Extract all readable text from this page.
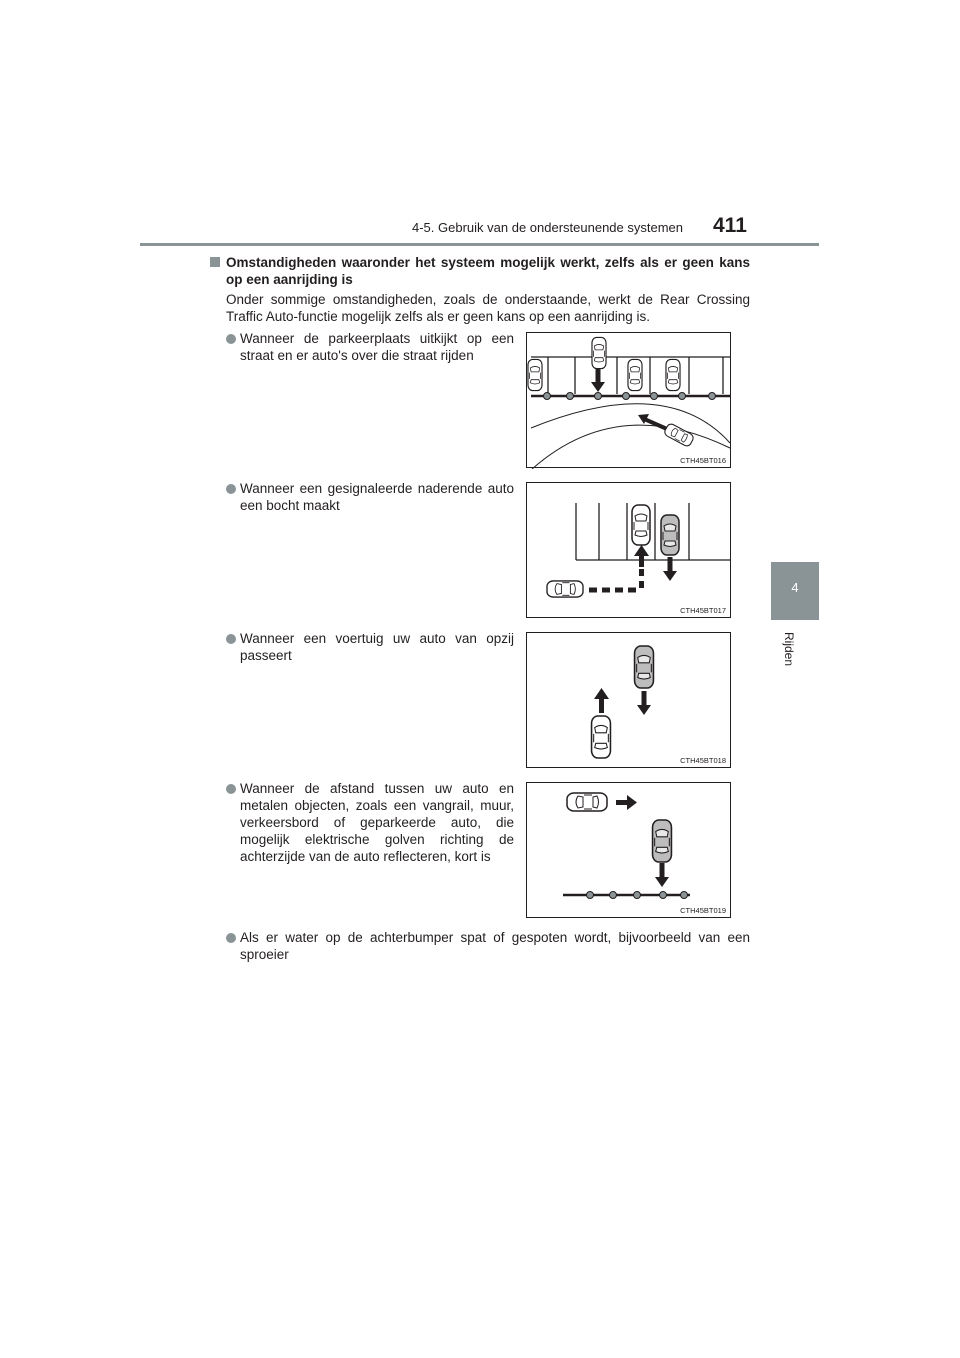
4-5. Gebruik van de ondersteunende systemen 411
4
Rijden
Omstandigheden waaronder het systeem mogelijk werkt, zelfs als er geen kans op een aanrijding is
Onder sommige omstandigheden, zoals de onderstaande, werkt de Rear Crossing Traffic Auto-functie mogelijk zelfs als er geen kans op een aanrijding is.
Wanneer de parkeerplaats uitkijkt op een straat en er auto's over die straat rijden
CTH45BT016
Wanneer een gesignaleerde naderende auto een bocht maakt
CTH45BT017
Wanneer een voertuig uw auto van opzij passeert
CTH45BT018
Wanneer de afstand tussen uw auto en metalen objecten, zoals een vangrail, muur, verkeersbord of geparkeerde auto, die mogelijk elektrische golven richting de achterzijde van de auto reflecteren, kort is
CTH45BT019
Als er water op de achterbumper spat of gespoten wordt, bijvoorbeeld van een sproeier
